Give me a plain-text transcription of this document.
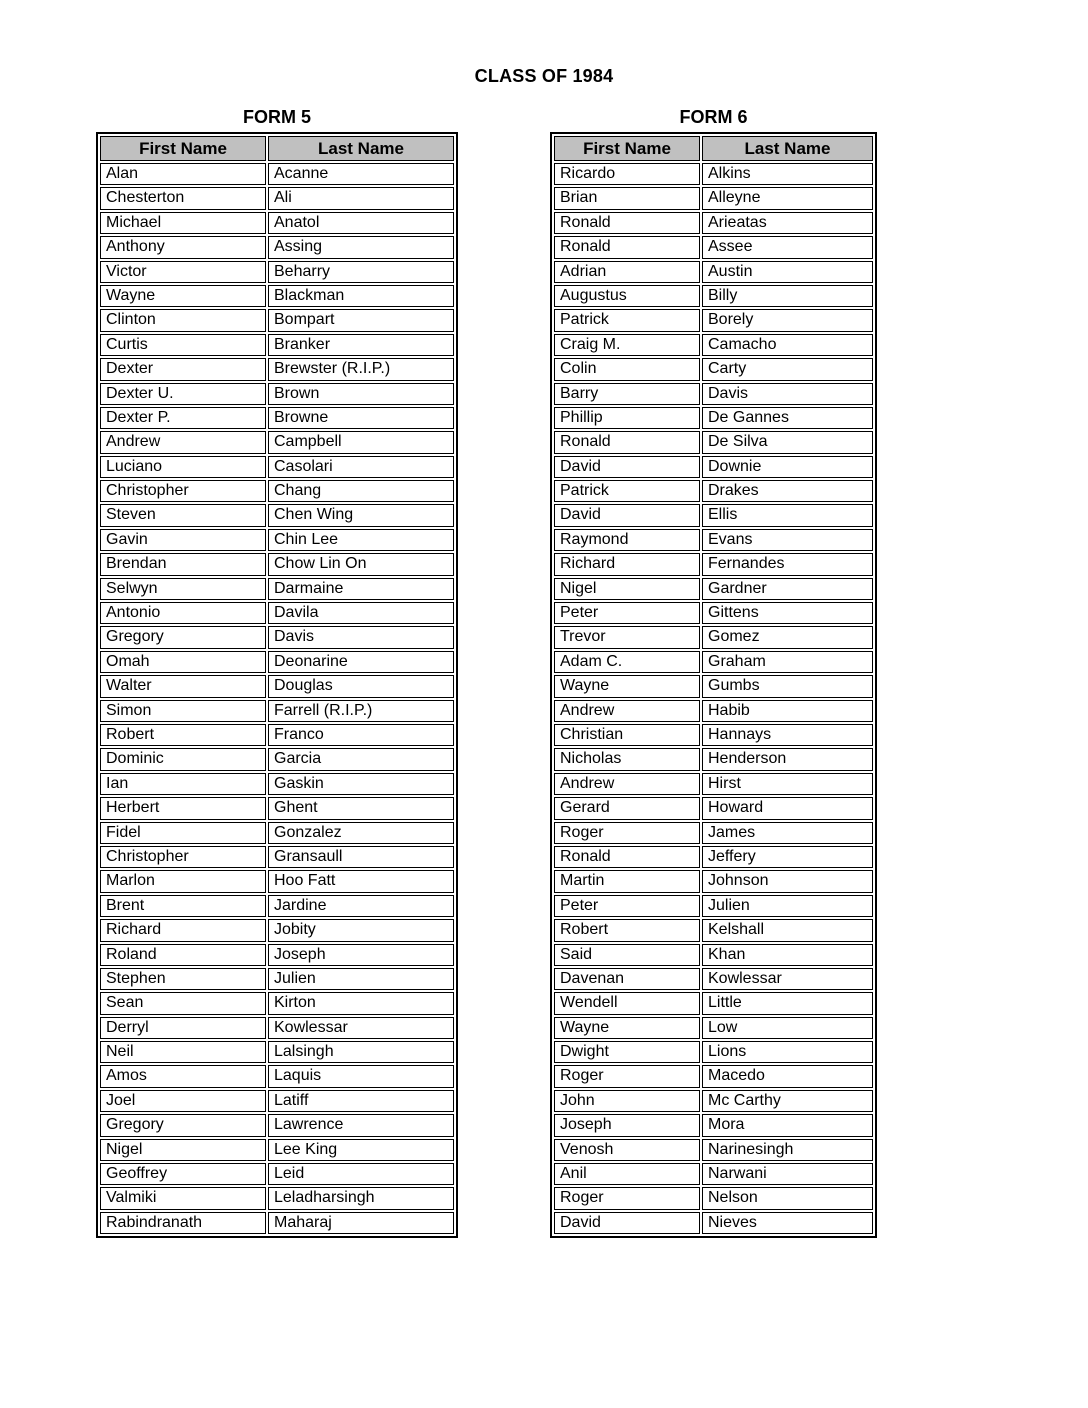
CLASS OF 1984
FORM 5
First Name	Last Name
Alan	Acanne
Chesterton	Ali
Michael	Anatol
Anthony	Assing
Victor	Beharry
Wayne	Blackman
Clinton	Bompart
Curtis	Branker
Dexter	Brewster (R.I.P.)
Dexter U.	Brown
Dexter P.	Browne
Andrew	Campbell
Luciano	Casolari
Christopher	Chang
Steven	Chen Wing
Gavin	Chin Lee
Brendan	Chow Lin On
Selwyn	Darmaine
Antonio	Davila
Gregory	Davis
Omah	Deonarine
Walter	Douglas
Simon	Farrell (R.I.P.)
Robert	Franco
Dominic	Garcia
Ian	Gaskin
Herbert	Ghent
Fidel	Gonzalez
Christopher	Gransaull
Marlon	Hoo Fatt
Brent	Jardine
Richard	Jobity
Roland	Joseph
Stephen	Julien
Sean	Kirton
Derryl	Kowlessar
Neil	Lalsingh
Amos	Laquis
Joel	Latiff
Gregory	Lawrence
Nigel	Lee King
Geoffrey	Leid
Valmiki	Leladharsingh
Rabindranath	Maharaj
FORM 6
First Name	Last Name
Ricardo	Alkins
Brian	Alleyne
Ronald	Arieatas
Ronald	Assee
Adrian	Austin
Augustus	Billy
Patrick	Borely
Craig M.	Camacho
Colin	Carty
Barry	Davis
Phillip	De Gannes
Ronald	De Silva
David	Downie
Patrick	Drakes
David	Ellis
Raymond	Evans
Richard	Fernandes
Nigel	Gardner
Peter	Gittens
Trevor	Gomez
Adam C.	Graham
Wayne	Gumbs
Andrew	Habib
Christian	Hannays
Nicholas	Henderson
Andrew	Hirst
Gerard	Howard
Roger	James
Ronald	Jeffery
Martin	Johnson
Peter	Julien
Robert	Kelshall
Said	Khan
Davenan	Kowlessar
Wendell	Little
Wayne	Low
Dwight	Lions
Roger	Macedo
John	Mc Carthy
Joseph	Mora
Venosh	Narinesingh
Anil	Narwani
Roger	Nelson
David	Nieves
